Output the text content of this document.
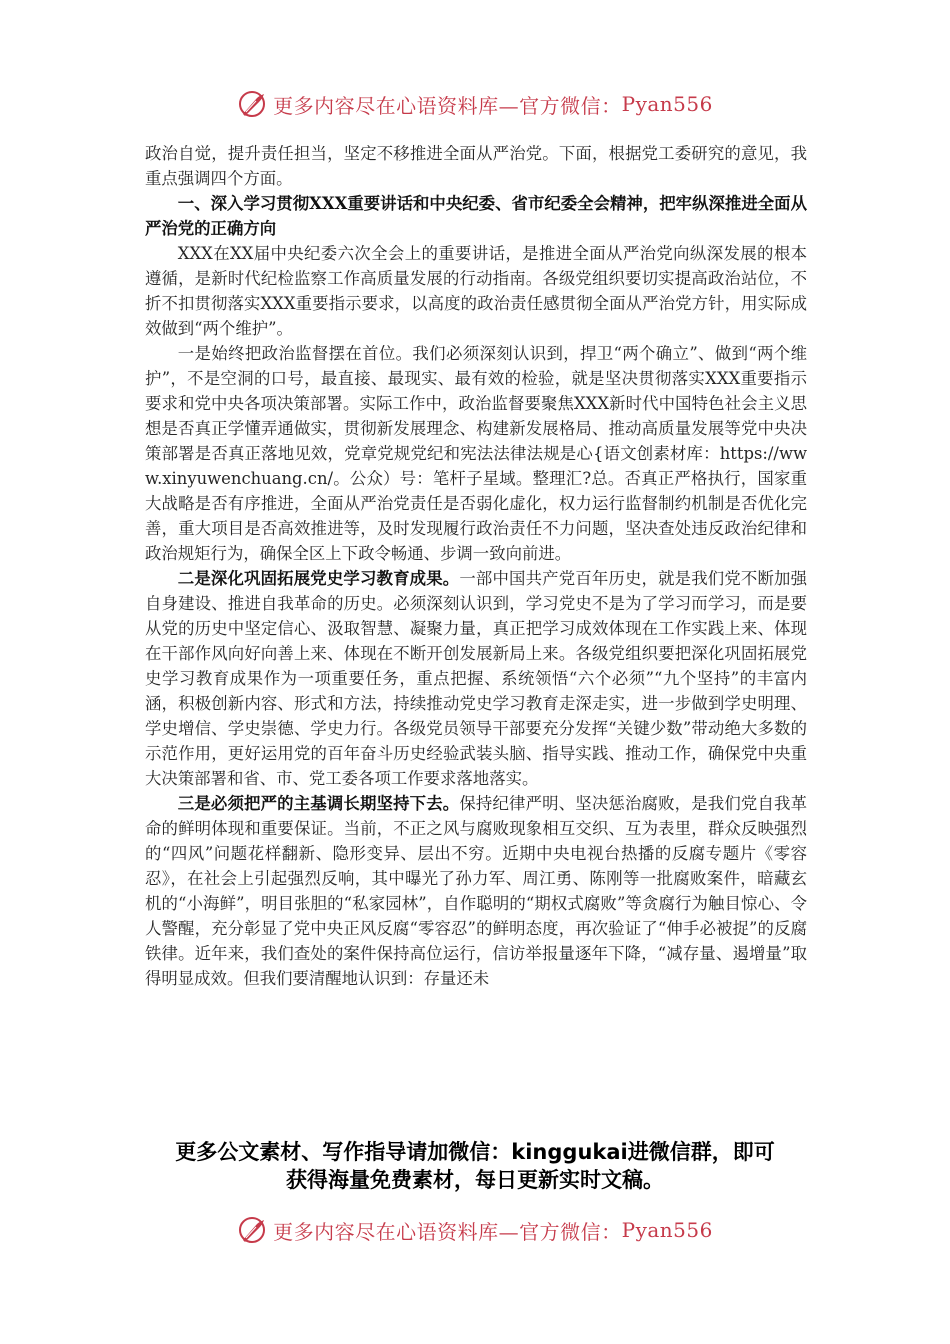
更多内容尽在心语资料库—官方微信： Pyan556

政治自觉，提升责任担当，坚定不移推进全面从严治党。下面，根据党工委研究的意见，我重点强调四个方面。

一、深入学习贯彻XXX重要讲话和中央纪委、省市纪委全会精神，把牢纵深推进全面从严治党的正确方向

XXX在XX届中央纪委六次全会上的重要讲话，是推进全面从严治党向纵深发展的根本遵循，是新时代纪检监察工作高质量发展的行动指南。各级党组织要切实提高政治站位，不折不扣贯彻落实XXX重要指示要求，以高度的政治责任感贯彻全面从严治党方针，用实际成效做到“两个维护”。

一是始终把政治监督摆在首位。我们必须深刻认识到，捍卫“两个确立”、做到“两个维护”，不是空洞的口号，最直接、最现实、最有效的检验，就是坚决贯彻落实XXX重要指示要求和党中央各项决策部署。实际工作中，政治监督要聚焦XXX新时代中国特色社会主义思想是否真正学懂弄通做实，贯彻新发展理念、构建新发展格局、推动高质量发展等党中央决策部署是否真正落地见效，党章党规党纪和宪法法律法规是心{语文创素材库：https://www.xinyuwenchuang.cn/。公众）号：笔杆子星域。整理汇?总。否真正严格执行，国家重大战略是否有序推进，全面从严治党责任是否弱化虚化，权力运行监督制约机制是否优化完善，重大项目是否高效推进等，及时发现履行政治责任不力问题，坚决查处违反政治纪律和政治规矩行为，确保全区上下政令畅通、步调一致向前进。

二是深化巩固拓展党史学习教育成果。一部中国共产党百年历史，就是我们党不断加强自身建设、推进自我革命的历史。必须深刻认识到，学习党史不是为了学习而学习，而是要从党的历史中坚定信心、汲取智慧、凝聚力量，真正把学习成效体现在工作实践上来、体现在干部作风向好向善上来、体现在不断开创发展新局上来。各级党组织要把深化巩固拓展党史学习教育成果作为一项重要任务，重点把握、系统领悟“六个必须”“九个坚持”的丰富内涵，积极创新内容、形式和方法，持续推动党史学习教育走深走实，进一步做到学史明理、学史增信、学史崇德、学史力行。各级党员领导干部要充分发挥“关键少数”带动绝大多数的示范作用，更好运用党的百年奋斗历史经验武装头脑、指导实践、推动工作，确保党中央重大决策部署和省、市、党工委各项工作要求落地落实。

三是必须把严的主基调长期坚持下去。保持纪律严明、坚决惩治腐败，是我们党自我革命的鲜明体现和重要保证。当前，不正之风与腐败现象相互交织、互为表里，群众反映强烈的“四风”问题花样翻新、隐形变异、层出不穷。近期中央电视台热播的反腐专题片《零容忍》，在社会上引起强烈反响，其中曝光了孙力军、周江勇、陈刚等一批腐败案件，暗藏玄机的“小海鲜”，明目张胆的“私家园林”，自作聪明的“期权式腐败”等贪腐行为触目惊心、令人警醒，充分彰显了党中央正风反腐“零容忍”的鲜明态度，再次验证了“伸手必被捉”的反腐铁律。近年来，我们查处的案件保持高位运行，信访举报量逐年下降，“减存量、遏增量”取得明显成效。但我们要清醒地认识到：存量还未

更多公文素材、写作指导请加微信：kinggukai进微信群，即可
获得海量免费素材，每日更新实时文稿。
更多内容尽在心语资料库—官方微信： Pyan556
